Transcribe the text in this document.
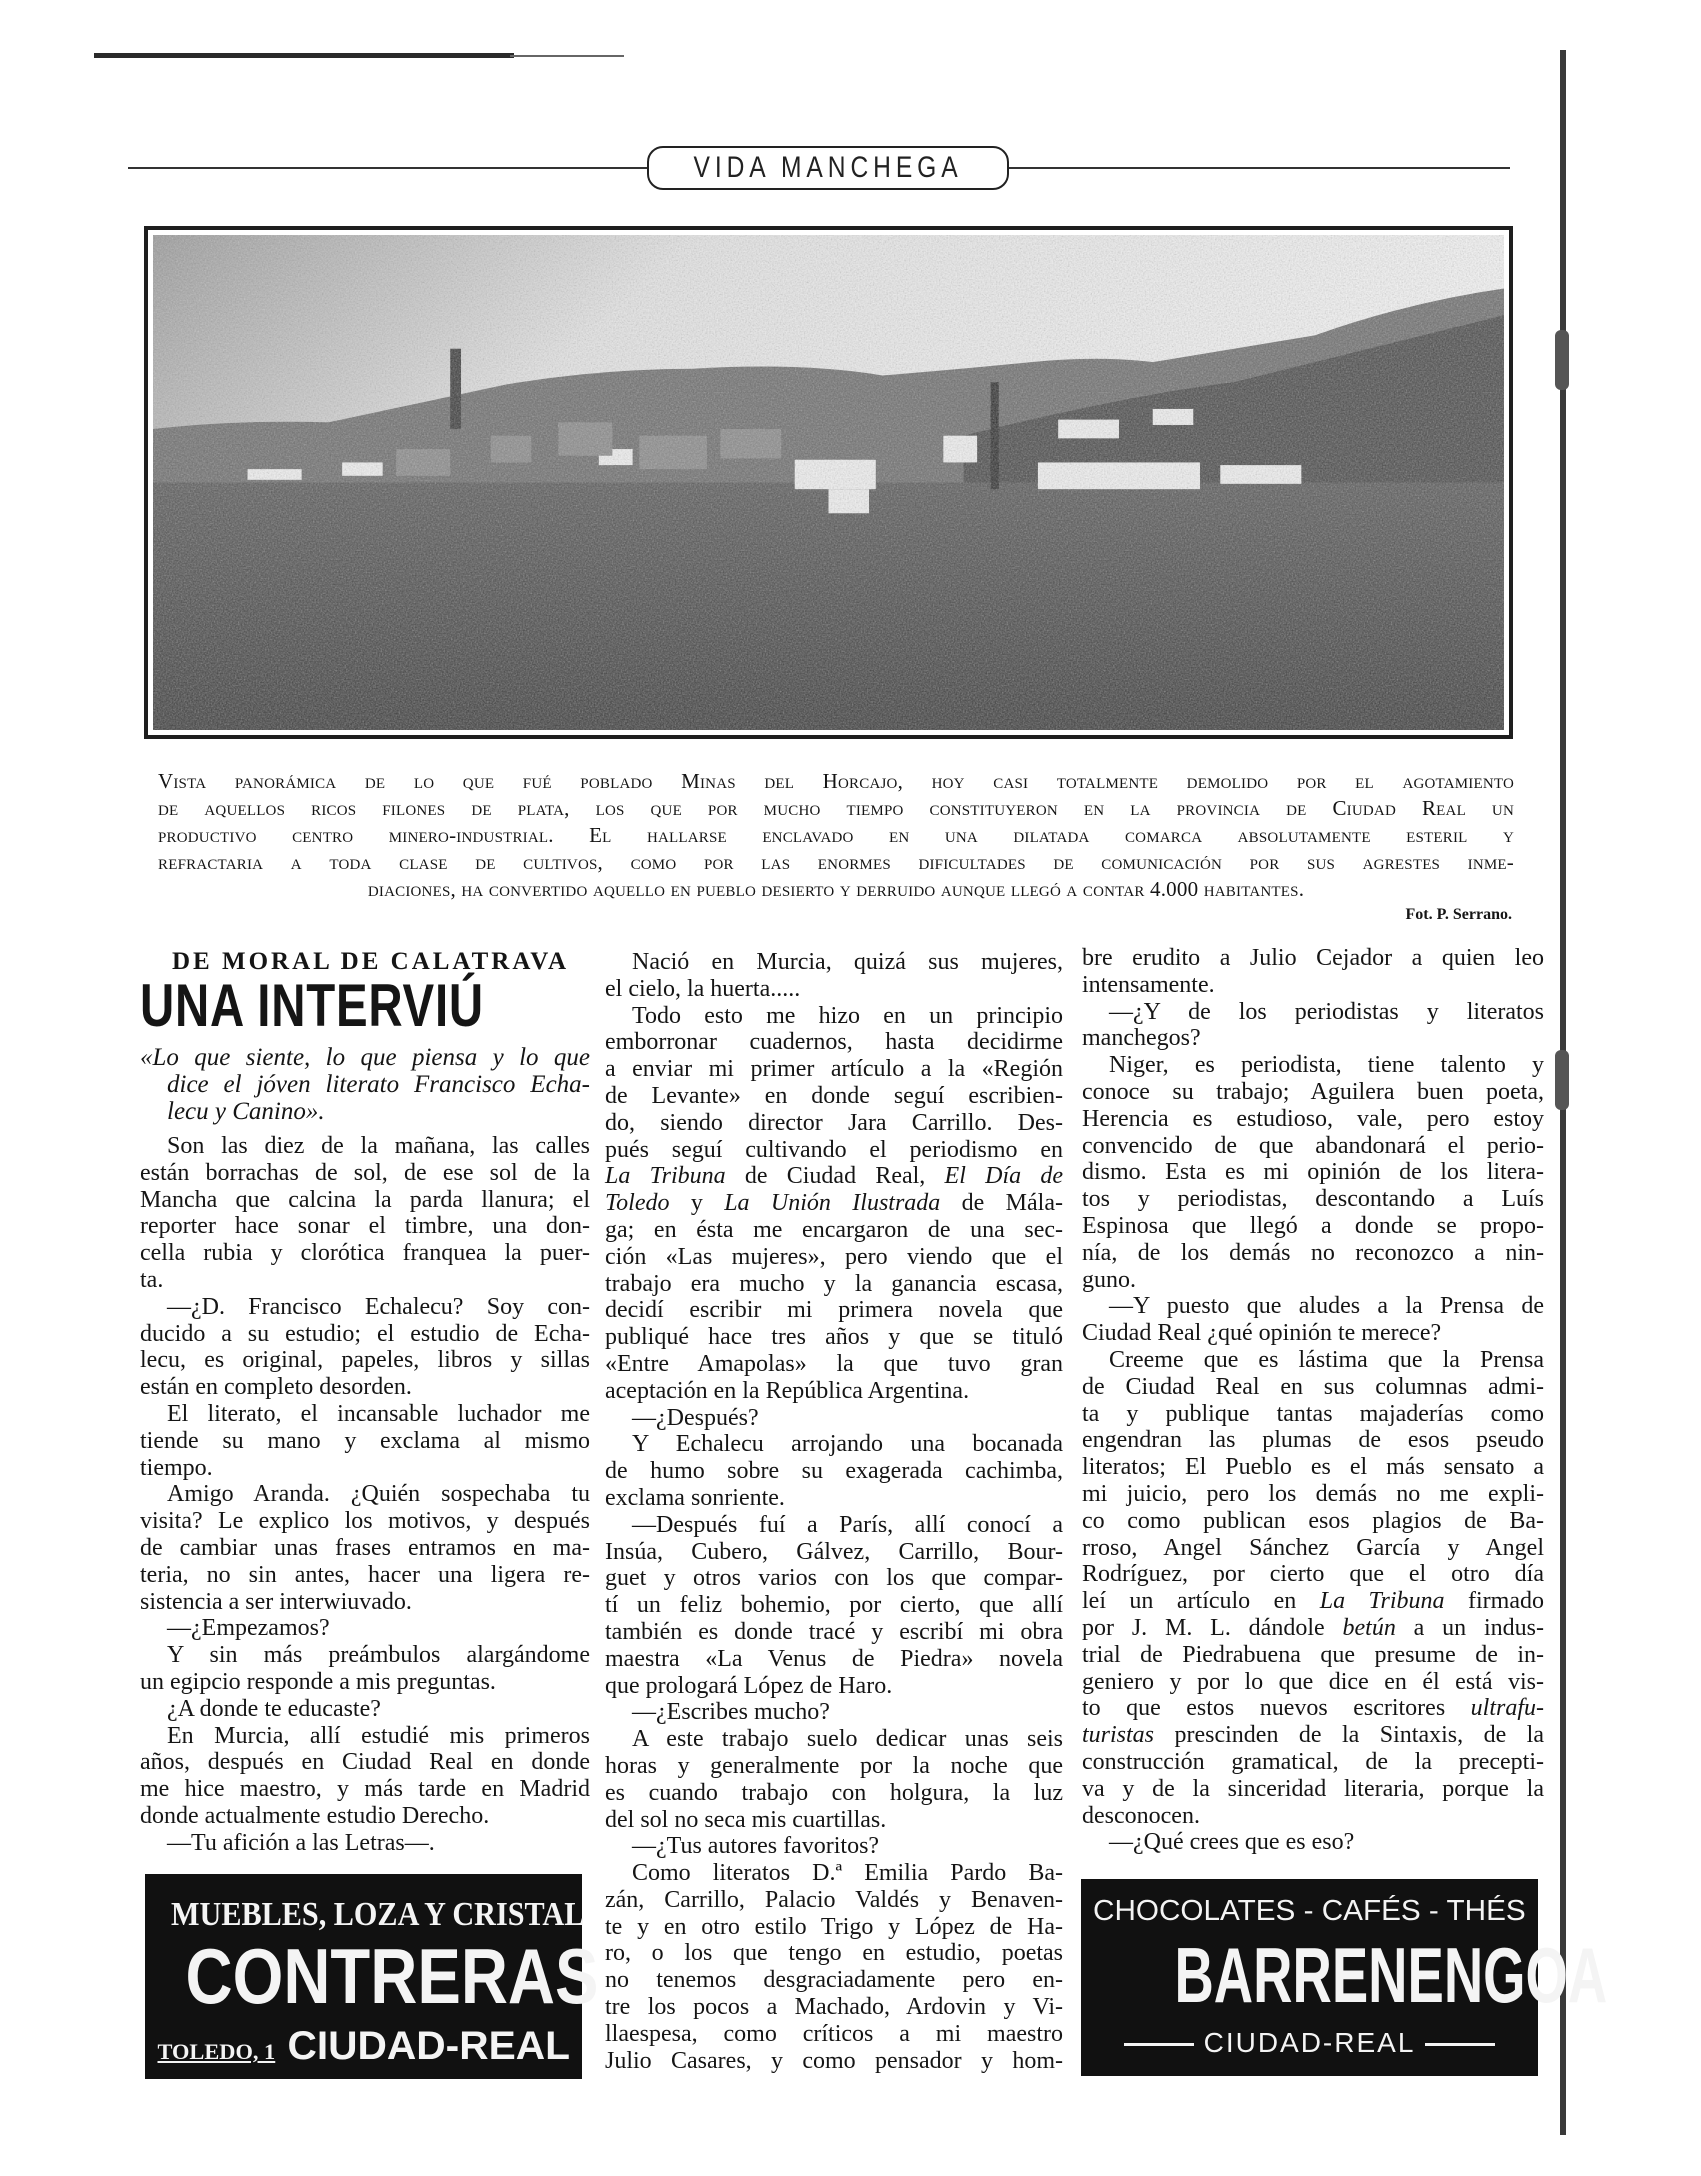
VIDA MANCHEGA
Vista panorámica de lo que fué poblado Minas del Horcajo, hoy casi totalmente demolido por el agotamiento
de aquellos ricos filones de plata, los que por mucho tiempo constituyeron en la provincia de Ciudad Real un
productivo centro minero-industrial. El hallarse enclavado en una dilatada comarca absolutamente esteril y
refractaria a toda clase de cultivos, como por las enormes dificultades de comunicación por sus agrestes inme-
diaciones, ha convertido aquello en pueblo desierto y derruido aunque llegó a contar 4.000 habitantes.
Fot. P. Serrano.
DE MORAL DE CALATRAVA
UNA INTERVIÚ
«Lo que siente, lo que piensa y lo que
dice el jóven literato Francisco Echa-
lecu y Canino».
Son las diez de la mañana, las calles
están borrachas de sol, de ese sol de la
Mancha que calcina la parda llanura; el
reporter hace sonar el timbre, una don-
cella rubia y clorótica franquea la puer-
ta.
—¿D. Francisco Echalecu? Soy con-
ducido a su estudio; el estudio de Echa-
lecu, es original, papeles, libros y sillas
están en completo desorden.
El literato, el incansable luchador me
tiende su mano y exclama al mismo
tiempo.
Amigo Aranda. ¿Quién sospechaba tu
visita? Le explico los motivos, y después
de cambiar unas frases entramos en ma-
teria, no sin antes, hacer una ligera re-
sistencia a ser interwiuvado.
—¿Empezamos?
Y sin más preámbulos alargándome
un egipcio responde a mis preguntas.
¿A donde te educaste?
En Murcia, allí estudié mis primeros
años, después en Ciudad Real en donde
me hice maestro, y más tarde en Madrid
donde actualmente estudio Derecho.
—Tu afición a las Letras—.
Nació en Murcia, quizá sus mujeres,
el cielo, la huerta.....
Todo esto me hizo en un principio
emborronar cuadernos, hasta decidirme
a enviar mi primer artículo a la «Región
de Levante» en donde seguí escribien-
do, siendo director Jara Carrillo. Des-
pués seguí cultivando el periodismo en
La Tribuna de Ciudad Real, El Día de
Toledo y La Unión Ilustrada de Mála-
ga; en ésta me encargaron de una sec-
ción «Las mujeres», pero viendo que el
trabajo era mucho y la ganancia escasa,
decidí escribir mi primera novela que
publiqué hace tres años y que se tituló
«Entre Amapolas» la que tuvo gran
aceptación en la República Argentina.
—¿Después?
Y Echalecu arrojando una bocanada
de humo sobre su exagerada cachimba,
exclama sonriente.
—Después fuí a París, allí conocí a
Insúa, Cubero, Gálvez, Carrillo, Bour-
guet y otros varios con los que compar-
tí un feliz bohemio, por cierto, que allí
también es donde tracé y escribí mi obra
maestra «La Venus de Piedra» novela
que prologará López de Haro.
—¿Escribes mucho?
A este trabajo suelo dedicar unas seis
horas y generalmente por la noche que
es cuando trabajo con holgura, la luz
del sol no seca mis cuartillas.
—¿Tus autores favoritos?
Como literatos D.ª Emilia Pardo Ba-
zán, Carrillo, Palacio Valdés y Benaven-
te y en otro estilo Trigo y López de Ha-
ro, o los que tengo en estudio, poetas
no tenemos desgraciadamente pero en-
tre los pocos a Machado, Ardovin y Vi-
llaespesa, como críticos a mi maestro
Julio Casares, y como pensador y hom-
bre erudito a Julio Cejador a quien leo
intensamente.
—¿Y de los periodistas y literatos
manchegos?
Niger, es periodista, tiene talento y
conoce su trabajo; Aguilera buen poeta,
Herencia es estudioso, vale, pero estoy
convencido de que abandonará el perio-
dismo. Esta es mi opinión de los litera-
tos y periodistas, descontando a Luís
Espinosa que llegó a donde se propo-
nía, de los demás no reconozco a nin-
guno.
—Y puesto que aludes a la Prensa de
Ciudad Real ¿qué opinión te merece?
Creeme que es lástima que la Prensa
de Ciudad Real en sus columnas admi-
ta y publique tantas majaderías como
engendran las plumas de esos pseudo
literatos; El Pueblo es el más sensato a
mi juicio, pero los demás no me expli-
co como publican esos plagios de Ba-
rroso, Angel Sánchez García y Angel
Rodríguez, por cierto que el otro día
leí un artículo en La Tribuna firmado
por J. M. L. dándole betún a un indus-
trial de Piedrabuena que presume de in-
geniero y por lo que dice en él está vis-
to que estos nuevos escritores ultrafu-
turistas prescinden de la Sintaxis, de la
construcción gramatical, de la precepti-
va y de la sinceridad literaria, porque la
desconocen.
—¿Qué crees que es eso?
MUEBLES, LOZA Y CRISTAL
CONTRERAS
TOLEDO, 1 CIUDAD-REAL
CHOCOLATES - CAFÉS - THÉS
BARRENENGOA
CIUDAD-REAL
